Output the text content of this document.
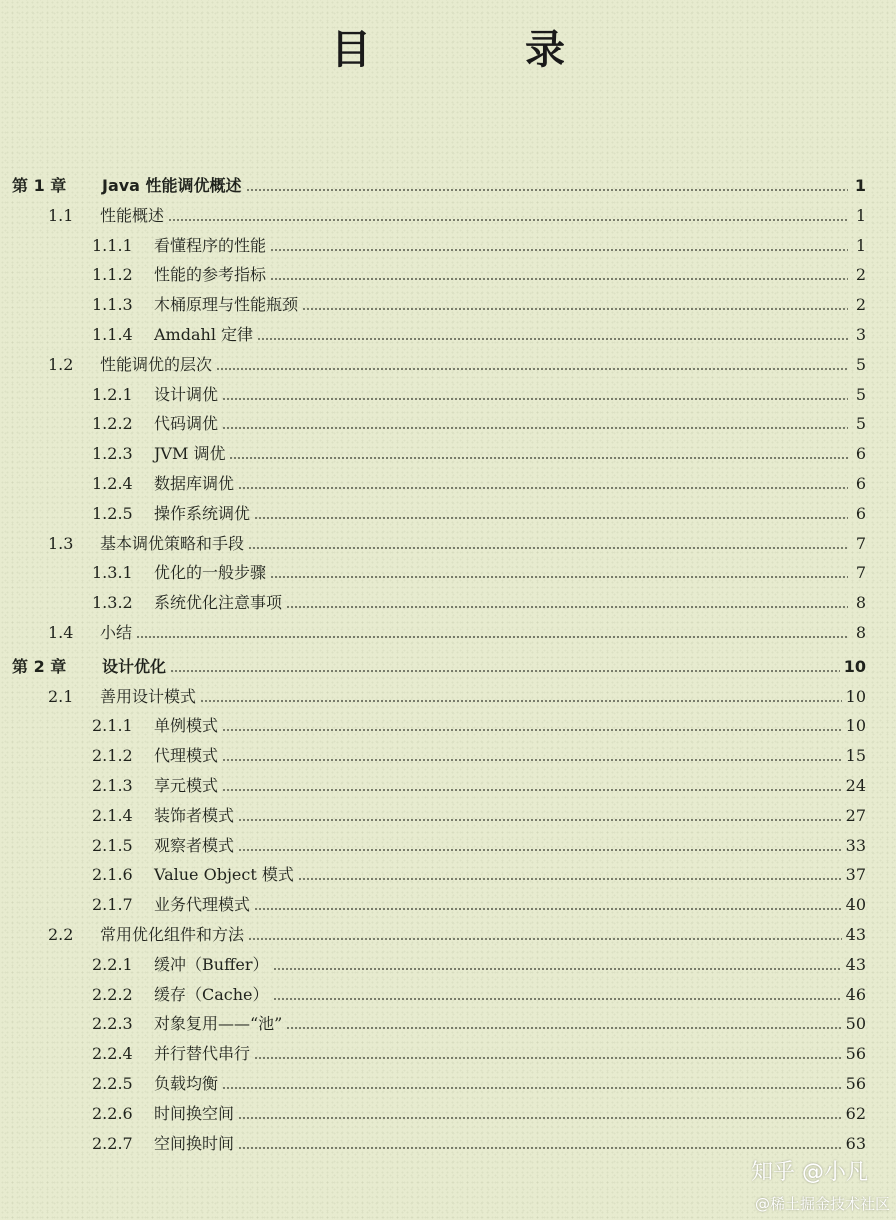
目 录
第 1 章	Java 性能调优概述	1
1.1	性能概述	1
1.1.1	看懂程序的性能	1
1.1.2	性能的参考指标	2
1.1.3	木桶原理与性能瓶颈	2
1.1.4	Amdahl 定律	3
1.2	性能调优的层次	5
1.2.1	设计调优	5
1.2.2	代码调优	5
1.2.3	JVM 调优	6
1.2.4	数据库调优	6
1.2.5	操作系统调优	6
1.3	基本调优策略和手段	7
1.3.1	优化的一般步骤	7
1.3.2	系统优化注意事项	8
1.4	小结	8
第 2 章	设计优化	10
2.1	善用设计模式	10
2.1.1	单例模式	10
2.1.2	代理模式	15
2.1.3	享元模式	24
2.1.4	装饰者模式	27
2.1.5	观察者模式	33
2.1.6	Value Object 模式	37
2.1.7	业务代理模式	40
2.2	常用优化组件和方法	43
2.2.1	缓冲（Buffer）	43
2.2.2	缓存（Cache）	46
2.2.3	对象复用——“池”	50
2.2.4	并行替代串行	56
2.2.5	负载均衡	56
2.2.6	时间换空间	62
2.2.7	空间换时间	63
知乎 @小凡
@稀土掘金技术社区
